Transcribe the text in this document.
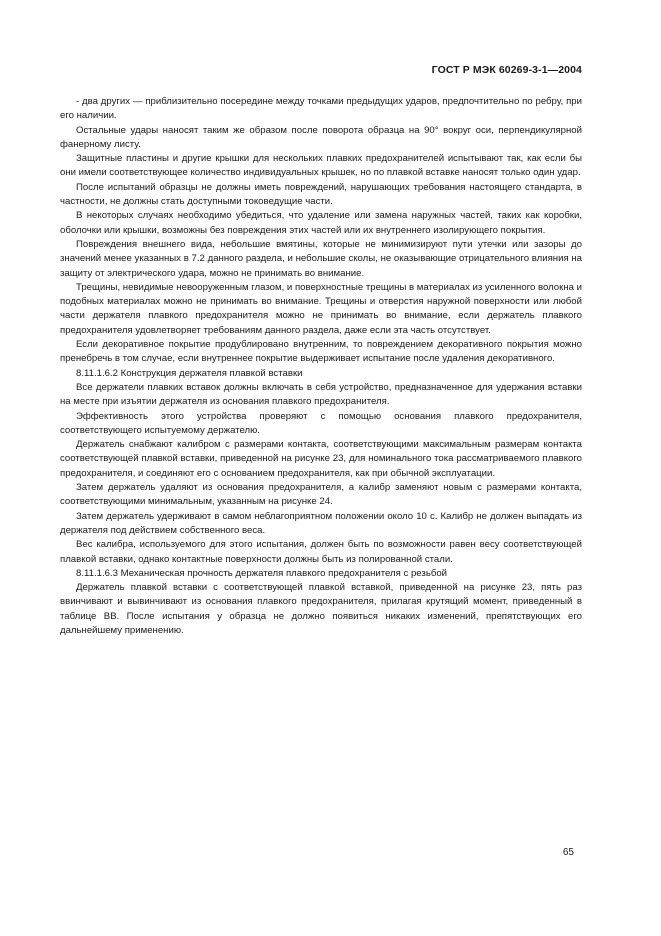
ГОСТ Р МЭК 60269-3-1—2004

- два других — приблизительно посередине между точками предыдущих ударов, предпочтительно по ребру, при его наличии.

Остальные удары наносят таким же образом после поворота образца на 90° вокруг оси, перпендикулярной фанерному листу.

Защитные пластины и другие крышки для нескольких плавких предохранителей испытывают так, как если бы они имели соответствующее количество индивидуальных крышек, но по плавкой вставке наносят только один удар.

После испытаний образцы не должны иметь повреждений, нарушающих требования настоящего стандарта, в частности, не должны стать доступными токоведущие части.

В некоторых случаях необходимо убедиться, что удаление или замена наружных частей, таких как коробки, оболочки или крышки, возможны без повреждения этих частей или их внутреннего изолирующего покрытия.

Повреждения внешнего вида, небольшие вмятины, которые не минимизируют пути утечки или зазоры до значений менее указанных в 7.2 данного раздела, и небольшие сколы, не оказывающие отрицательного влияния на защиту от электрического удара, можно не принимать во внимание.

Трещины, невидимые невооруженным глазом, и поверхностные трещины в материалах из усиленного волокна и подобных материалах можно не принимать во внимание. Трещины и отверстия наружной поверхности или любой части держателя плавкого предохранителя можно не принимать во внимание, если держатель плавкого предохранителя удовлетворяет требованиям данного раздела, даже если эта часть отсутствует.

Если декоративное покрытие продублировано внутренним, то повреждением декоративного покрытия можно пренебречь в том случае, если внутреннее покрытие выдерживает испытание после удаления декоративного.

8.11.1.6.2 Конструкция держателя плавкой вставки

Все держатели плавких вставок должны включать в себя устройство, предназначенное для удержания вставки на месте при изъятии держателя из основания плавкого предохранителя.

Эффективность этого устройства проверяют с помощью основания плавкого предохранителя, соответствующего испытуемому держателю.

Держатель снабжают калибром с размерами контакта, соответствующими максимальным размерам контакта соответствующей плавкой вставки, приведенной на рисунке 23, для номинального тока рассматриваемого плавкого предохранителя, и соединяют его с основанием предохранителя, как при обычной эксплуатации.

Затем держатель удаляют из основания предохранителя, а калибр заменяют новым с размерами контакта, соответствующими минимальным, указанным на рисунке 24.

Затем держатель удерживают в самом неблагоприятном положении около 10 с. Калибр не должен выпадать из держателя под действием собственного веса.

Вес калибра, используемого для этого испытания, должен быть по возможности равен весу соответствующей плавкой вставки, однако контактные поверхности должны быть из полированной стали.

8.11.1.6.3 Механическая прочность держателя плавкого предохранителя с резьбой

Держатель плавкой вставки с соответствующей плавкой вставкой, приведенной на рисунке 23, пять раз ввинчивают и вывинчивают из основания плавкого предохранителя, прилагая крутящий момент, приведенный в таблице ВВ. После испытания у образца не должно появиться никаких изменений, препятствующих его дальнейшему применению.

65
